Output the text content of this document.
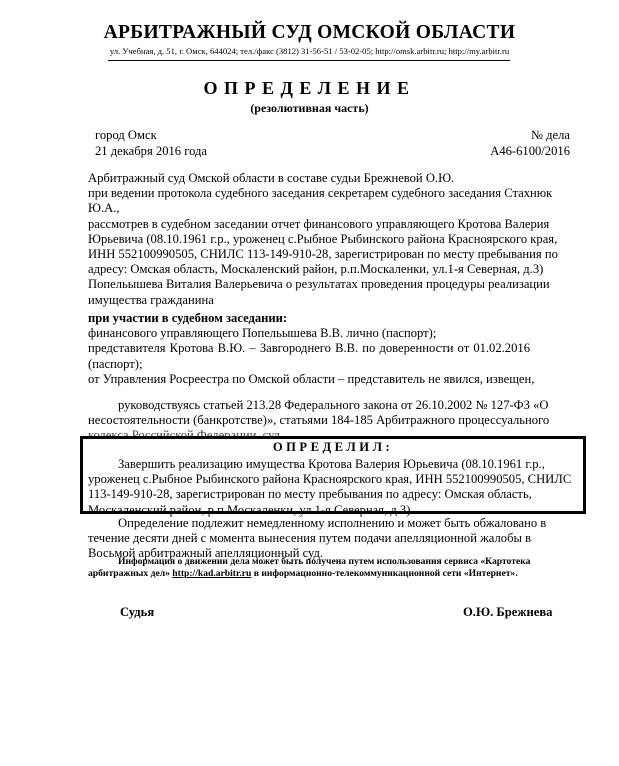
АРБИТРАЖНЫЙ СУД ОМСКОЙ ОБЛАСТИ
ул. Учебная, д. 51, г. Омск, 644024; тел./факс (3812) 31-56-51 / 53-02-05; http://omsk.arbitr.ru; http://my.arbitr.ru
ОПРЕДЕЛЕНИЕ
(резолютивная часть)
город Омск
21 декабря 2016 года
№ дела
А46-6100/2016
Арбитражный суд Омской области в составе судьи Брежневой О.Ю.
при ведении протокола судебного заседания секретарем судебного заседания Стахнюк
Ю.А.,
рассмотрев в судебном заседании отчет финансового управляющего Кротова Валерия
Юрьевича (08.10.1961 г.р., уроженец с.Рыбное Рыбинского района Красноярского края,
ИНН 552100990505, СНИЛС 113-149-910-28, зарегистрирован по месту пребывания по
адресу: Омская область, Москаленский район, р.п.Москаленки, ул.1-я Северная, д.3)
Попельышева Виталия Валерьевича о результатах проведения процедуры реализации
имущества гражданина
при участии в судебном заседании:
финансового управляющего Попельышева В.В. лично (паспорт);
представителя Кротова В.Ю. – Завгороднего В.В. по доверенности от 01.02.2016
(паспорт);
от Управления Росреестра по Омской области – представитель не явился, извещен,
руководствуясь статьей 213.28 Федерального закона от 26.10.2002 № 127-ФЗ «О
несостоятельности (банкротстве)», статьями 184-185 Арбитражного процессуального
ОПРЕДЕЛИЛ:
Завершить реализацию имущества Кротова Валерия Юрьевича (08.10.1961 г.р.,
уроженец с.Рыбное Рыбинского района Красноярского края, ИНН 552100990505, СНИЛС
113-149-910-28, зарегистрирован по месту пребывания по адресу: Омская область,
Москаленский район, р.п.Москаленки, ул.1-я Северная, д.3).
Определение подлежит немедленному исполнению и может быть обжаловано в
течение десяти дней с момента вынесения путем подачи апелляционной жалобы в
Восьмой арбитражный апелляционный суд.
Информация о движении дела может быть получена путем использования сервиса «Картотека
арбитражных дел» http://kad.arbitr.ru в информационно-телекоммуникационной сети «Интернет».
Судья	О.Ю. Брежнева
